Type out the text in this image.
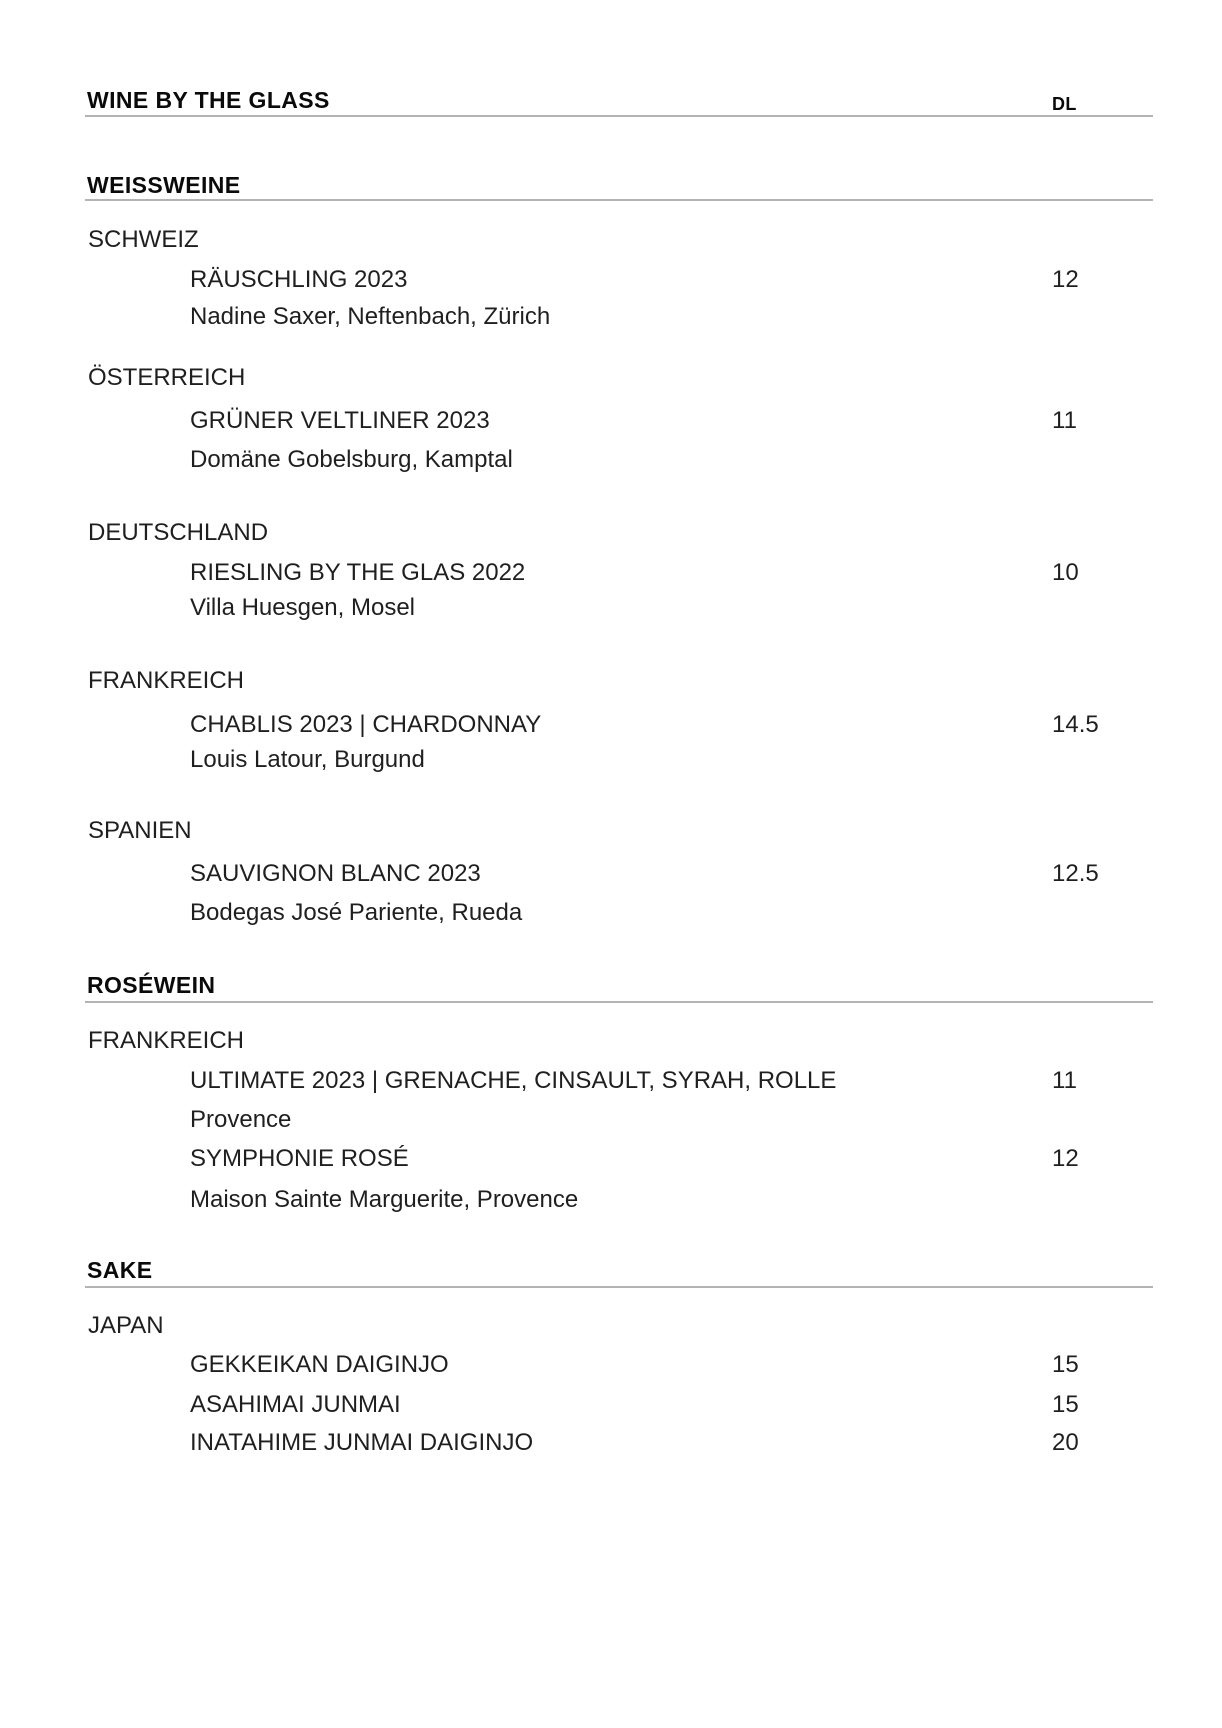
WINE BY THE GLASS	DL
WEISSWEINE
SCHWEIZ
RÄUSCHLING 2023	12
Nadine Saxer, Neftenbach, Zürich
ÖSTERREICH
GRÜNER VELTLINER 2023	11
Domäne Gobelsburg, Kamptal
DEUTSCHLAND
RIESLING BY THE GLAS 2022	10
Villa Huesgen, Mosel
FRANKREICH
CHABLIS 2023 | CHARDONNAY	14.5
Louis Latour, Burgund
SPANIEN
SAUVIGNON BLANC 2023	12.5
Bodegas José Pariente, Rueda
ROSÉWEIN
FRANKREICH
ULTIMATE 2023 | GRENACHE, CINSAULT, SYRAH, ROLLE	11
Provence
SYMPHONIE ROSÉ	12
Maison Sainte Marguerite, Provence
SAKE
JAPAN
GEKKEIKAN DAIGINJO	15
ASAHIMAI JUNMAI	15
INATAHIME JUNMAI DAIGINJO	20
